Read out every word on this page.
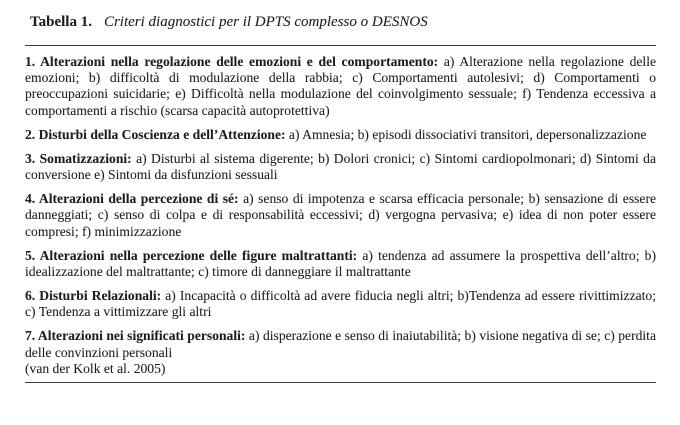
Tabella 1. Criteri diagnostici per il DPTS complesso o DESNOS

1. Alterazioni nella regolazione delle emozioni e del comportamento: a) Alterazione nella regolazione delle emozioni; b) difficoltà di modulazione della rabbia; c) Comportamenti autolesivi; d) Comportamenti o preoccupazioni suicidarie; e) Difficoltà nella modulazione del coinvolgimento sessuale; f) Tendenza eccessiva a comportamenti a rischio (scarsa capacità autoprotettiva)

2. Disturbi della Coscienza e dell’Attenzione: a) Amnesia; b) episodi dissociativi transitori, depersonalizzazione

3. Somatizzazioni: a) Disturbi al sistema digerente; b) Dolori cronici; c) Sintomi cardiopolmonari; d) Sintomi da conversione e) Sintomi da disfunzioni sessuali

4. Alterazioni della percezione di sé: a) senso di impotenza e scarsa efficacia personale; b) sensazione di essere danneggiati; c) senso di colpa e di responsabilità eccessivi; d) vergogna pervasiva; e) idea di non poter essere compresi; f) minimizzazione

5. Alterazioni nella percezione delle figure maltrattanti: a) tendenza ad assumere la prospettiva dell’altro; b) idealizzazione del maltrattante; c) timore di danneggiare il maltrattante

6. Disturbi Relazionali: a) Incapacità o difficoltà ad avere fiducia negli altri; b)Tendenza ad essere rivittimizzato; c) Tendenza a vittimizzare gli altri

7. Alterazioni nei significati personali: a) disperazione e senso di inaiutabilità; b) visione negativa di se; c) perdita delle convinzioni personali

(van der Kolk et al. 2005)
